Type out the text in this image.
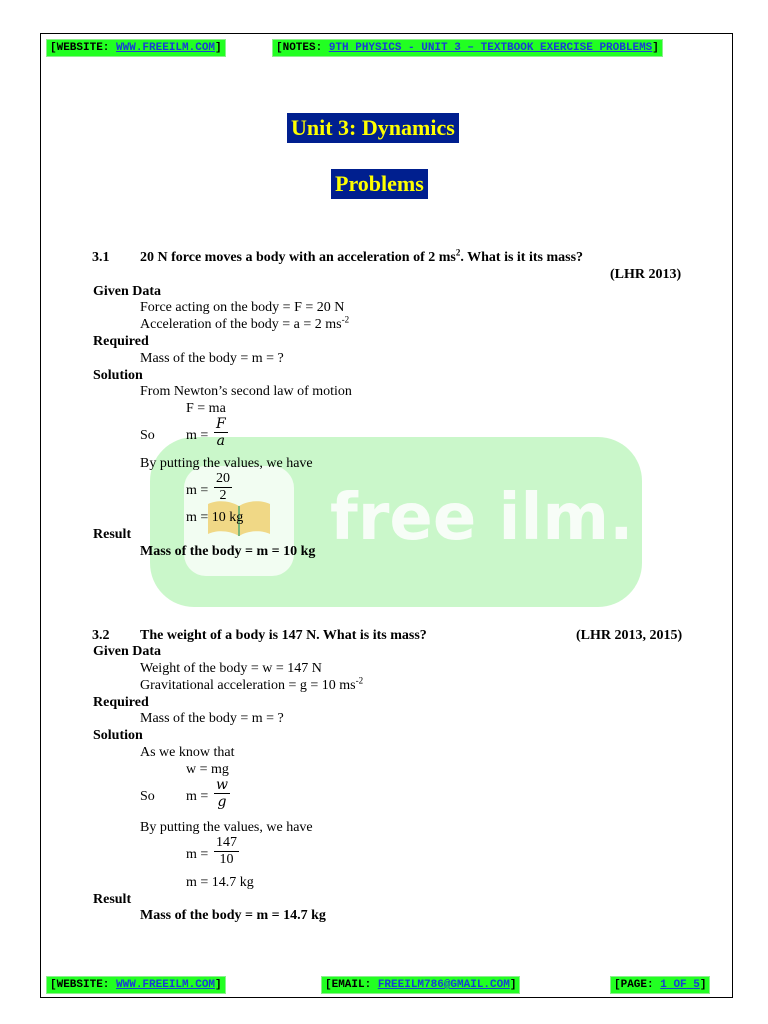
[WEBSITE: WWW.FREEILM.COM]	[NOTES: 9TH PHYSICS - UNIT 3 – TEXTBOOK EXERCISE PROBLEMS]
Unit 3: Dynamics
Problems
free ilm.
3.1 20 N force moves a body with an acceleration of 2 $ms^2$. What is it its mass?
(LHR 2013)
Given Data
Force acting on the body = F = 20 N
Acceleration of the body = a = 2 $ms^{-2}$
Required
Mass of the body = m = ?
Solution
From Newton’s second law of motion
F = ma
So $m = \frac{F}{a}$
By putting the values, we have
$m = \frac{20}{2}$
m = 10 kg
Result
Mass of the body = m = 10 kg
3.2 The weight of a body is 147 N. What is its mass?	(LHR 2013, 2015)
Given Data
Weight of the body = w = 147 N
Gravitational acceleration = g = 10 $ms^{-2}$
Required
Mass of the body = m = ?
Solution
As we know that
w = mg
So $m = \frac{w}{g}$
By putting the values, we have
$m = \frac{147}{10}$
m = 14.7 kg
Result
Mass of the body = m = 14.7 kg
[WEBSITE: WWW.FREEILM.COM]	[EMAIL: FREEILM786@GMAIL.COM]	[PAGE: 1 OF 5]
